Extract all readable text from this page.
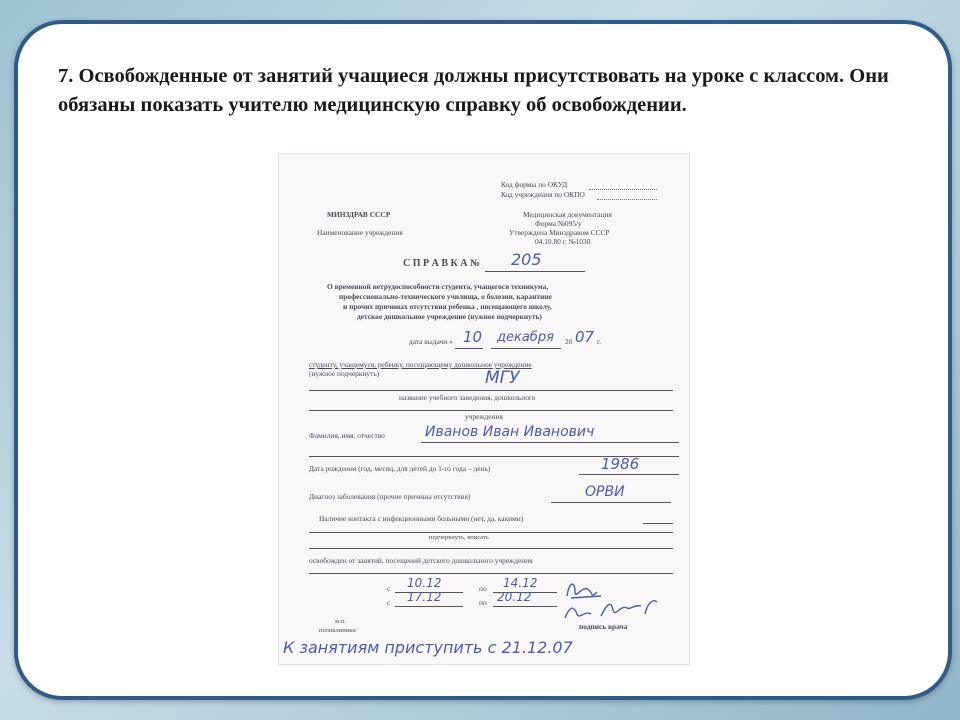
7. Освобожденные от занятий учащиеся должны присутствовать на уроке с классом. Они обязаны показать учителю медицинскую справку об освобождении.
Код формы по ОКУД
Код учреждения по ОКПО
МИНЗДРАВ СССР
Наименование учреждения
Медицинская документация
Форма №095/у
Утверждена Минздравом СССР
04.10.80 г. №1030
С П Р А В К А № 205
О временной нетрудоспособности студента, учащегося техникума,
профессионально-технического училища, о болезни, карантине
и прочих причинах отсутствия ребенка , посещающего школу,
детское дошкольное учреждение (нужное подчеркнуть)
дата выдачи « 10 декабря 20 07 г.
студенту, учащемуся, ребенку, посещающему дошкольное учреждение
(нужное подчеркнуть)	МГУ
название учебного заведения, дошкольного
учреждения
Фамилия, имя, отчество	Иванов Иван Иванович
Дата рождения (год, месяц, для детей до 1-го года – день)	1986
Диагноз заболевания (прочие причины отсутствия)	ОРВИ
Наличие контакта с инфекционными больными (нет, да, какими)
подчеркнуть, вписать
освобожден от занятий, посещений детского дошкольного учреждения
с 10.12	по 14.12
с 17.12	по 20.12
м.п.
поликлиники	подпись врача
К занятиям приступить с 21.12.07
